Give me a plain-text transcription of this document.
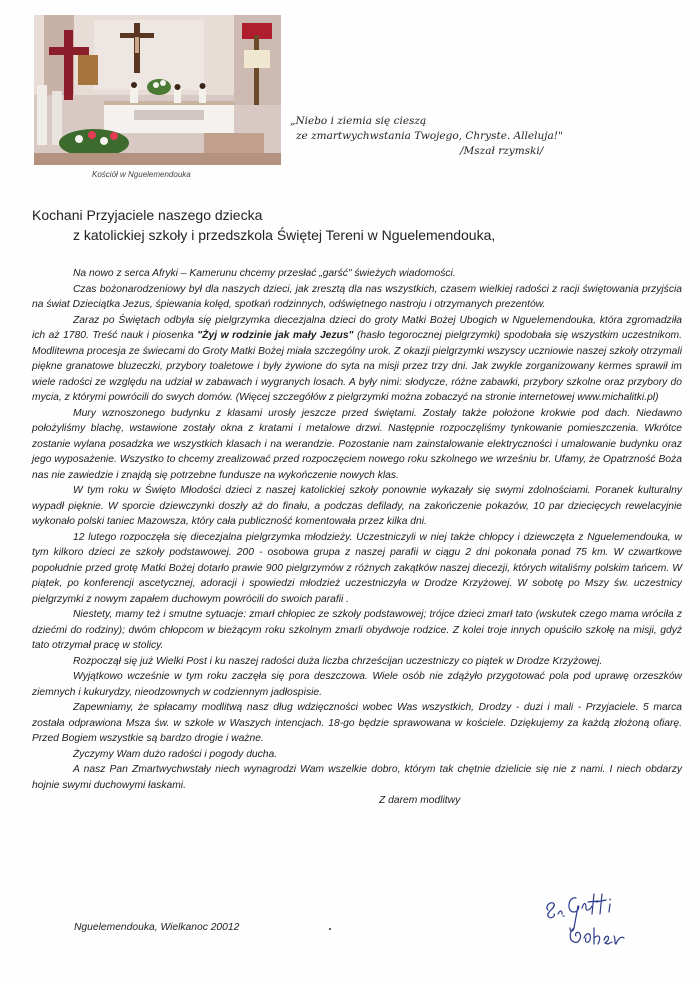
Kościół w Nguelemendouka
„Niebo i ziemia się cieszą
ze zmartwychwstania Twojego, Chryste. Alleluja!"
/Mszał rzymski/
Kochani Przyjaciele naszego dziecka
z katolickiej szkoły i przedszkola Świętej Tereni w Nguelemendouka,

Na nowo z serca Afryki – Kamerunu chcemy przesłać „garść" świeżych wiadomości.

Czas bożonarodzeniowy był dla naszych dzieci, jak zresztą dla nas wszystkich, czasem wielkiej radości z racji świętowania przyjścia na świat Dzieciątka Jezus, śpiewania kolęd, spotkań rodzinnych, odświętnego nastroju i otrzymanych prezentów.

Zaraz po Świętach odbyła się pielgrzymka diecezjalna dzieci do groty Matki Bożej Ubogich w Nguelemendouka, która zgromadziła ich aż 1780. Treść nauk i piosenka "Żyj w rodzinie jak mały Jezus" (hasło tegorocznej pielgrzymki) spodobała się wszystkim uczestnikom. Modlitewna procesja ze świecami do Groty Matki Bożej miała szczególny urok. Z okazji pielgrzymki wszyscy uczniowie naszej szkoły otrzymali piękne granatowe bluzeczki, przybory toaletowe i były żywione do syta na misji przez trzy dni. Jak zwykle zorganizowany kermes sprawił im wiele radości ze względu na udział w zabawach i wygranych losach. A były nimi: słodycze, różne zabawki, przybory szkolne oraz przybory do mycia, z którymi powrócili do swych domów. (Więcej szczegółów z pielgrzymki można zobaczyć na stronie internetowej www.michalitki.pl)

Mury wznoszonego budynku z klasami urosły jeszcze przed świętami. Zostały także położone krokwie pod dach. Niedawno położyliśmy blachę, wstawione zostały okna z kratami i metalowe drzwi. Następnie rozpoczęliśmy tynkowanie pomieszczenia. Wkrótce zostanie wylana posadzka we wszystkich klasach i na werandzie. Pozostanie nam zainstalowanie elektryczności i umalowanie budynku oraz jego wyposażenie. Wszystko to chcemy zrealizować przed rozpoczęciem nowego roku szkolnego we wrześniu br. Ufamy, że Opatrzność Boża nas nie zawiedzie i znajdą się potrzebne fundusze na wykończenie nowych klas.

W tym roku w Święto Młodości dzieci z naszej katolickiej szkoły ponownie wykazały się swymi zdolnościami. Poranek kulturalny wypadł pięknie. W sporcie dziewczynki doszły aż do finału, a podczas defilady, na zakończenie pokazów, 10 par dziecięcych rewelacyjnie wykonało polski taniec Mazowsza, który cała publiczność komentowała przez kilka dni.

12 lutego rozpoczęła się diecezjalna pielgrzymka młodzieży. Uczestniczyli w niej także chłopcy i dziewczęta z Nguelemendouka, w tym kilkoro dzieci ze szkoły podstawowej. 200 - osobowa grupa z naszej parafii w ciągu 2 dni pokonała ponad 75 km. W czwartkowe popołudnie przed grotę Matki Bożej dotarło prawie 900 pielgrzymów z różnych zakątków naszej diecezji, których witaliśmy polskim tańcem. W piątek, po konferencji ascetycznej, adoracji i spowiedzi młodzież uczestniczyła w Drodze Krzyżowej. W sobotę po Mszy św. uczestnicy pielgrzymki z nowym zapałem duchowym powrócili do swoich parafii .

Niestety, mamy też i smutne sytuacje: zmarł chłopiec ze szkoły podstawowej; trójce dzieci zmarł tato (wskutek czego mama wróciła z dziećmi do rodziny); dwóm chłopcom w bieżącym roku szkolnym zmarli obydwoje rodzice. Z kolei troje innych opuściło szkołę na misji, gdyż tato otrzymał pracę w stolicy.

Rozpoczął się już Wielki Post i ku naszej radości duża liczba chrześcijan uczestniczy co piątek w Drodze Krzyżowej.

Wyjątkowo wcześnie w tym roku zaczęła się pora deszczowa. Wiele osób nie zdążyło przygotować pola pod uprawę orzeszków ziemnych i kukurydzy, nieodzownych w codziennym jadłospisie.

Zapewniamy, że spłacamy modlitwą nasz dług wdzięczności wobec Was wszystkich, Drodzy - duzi i mali - Przyjaciele. 5 marca została odprawiona Msza św. w szkole w Waszych intencjach. 18-go będzie sprawowana w kościele. Dziękujemy za każdą złożoną ofiarę. Przed Bogiem wszystkie są bardzo drogie i ważne.

Życzymy Wam dużo radości i pogody ducha.

A nasz Pan Zmartwychwstały niech wynagrodzi Wam wszelkie dobro, którym tak chętnie dzielicie się nie z nami. I niech obdarzy hojnie swymi duchowymi łaskami.

Z darem modlitwy
Nguelemendouka, Wielkanoc 20012
